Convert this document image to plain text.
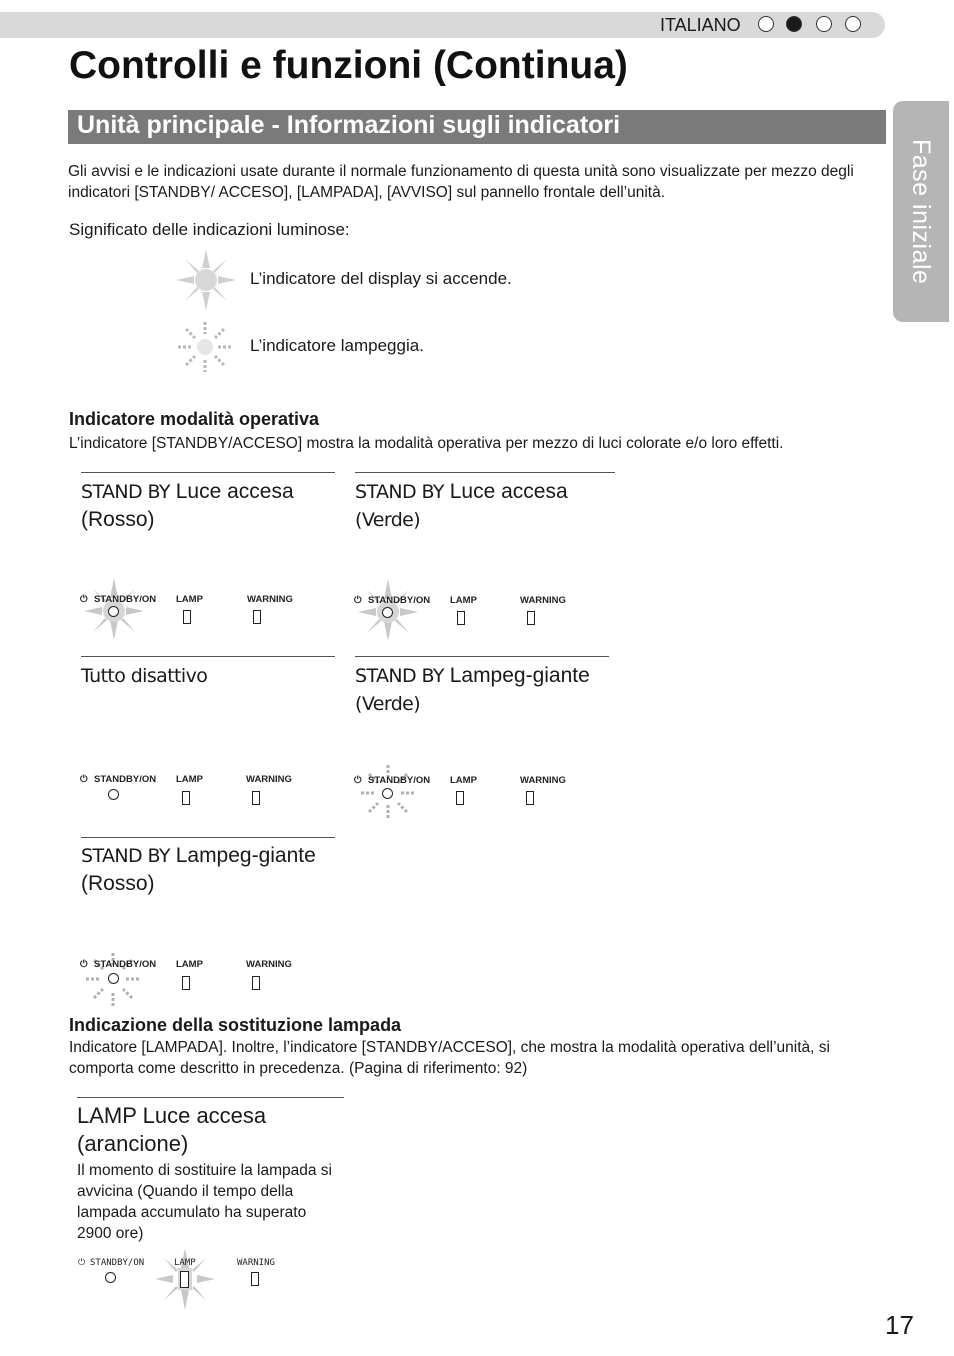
ITALIANO
Controlli e funzioni (Continua)
Unità principale - Informazioni sugli indicatori
Fase iniziale
Gli avvisi e le indicazioni usate durante il normale funzionamento di questa unità sono visualizzate per mezzo degli indicatori [STANDBY/ ACCESO], [LAMPADA], [AVVISO] sul pannello frontale dell’unità.
Significato delle indicazioni luminose:
L’indicatore del display si accende.
L’indicatore lampeggia.
Indicatore modalità operativa
L’indicatore [STANDBY/ACCESO] mostra la modalità operativa per mezzo di luci colorate e/o loro effetti.
STAND BY Luce accesa
(Rosso)
⏻ STANDBY/ON LAMP	WARNING
STAND BY Luce accesa
(Verde)
⏻ STANDBY/ON LAMP	WARNING
Tutto disattivo
⏻ STANDBY/ON LAMP	WARNING
STAND BY Lampeg-giante
(Verde)
⏻ STANDBY/ON LAMP	WARNING
STAND BY Lampeg-giante
(Rosso)
⏻ STANDBY/ON LAMP	WARNING
Indicazione della sostituzione lampada
Indicatore [LAMPADA]. Inoltre, l’indicatore [STANDBY/ACCESO], che mostra la modalità operativa dell’unità, si comporta come descritto in precedenza. (Pagina di riferimento: 92)
LAMP Luce accesa
(arancione)
Il momento di sostituire la lampada si avvicina (Quando il tempo della lampada accumulato ha superato 2900 ore)
⏻ STANDBY/ON	LAMP	WARNING
17
